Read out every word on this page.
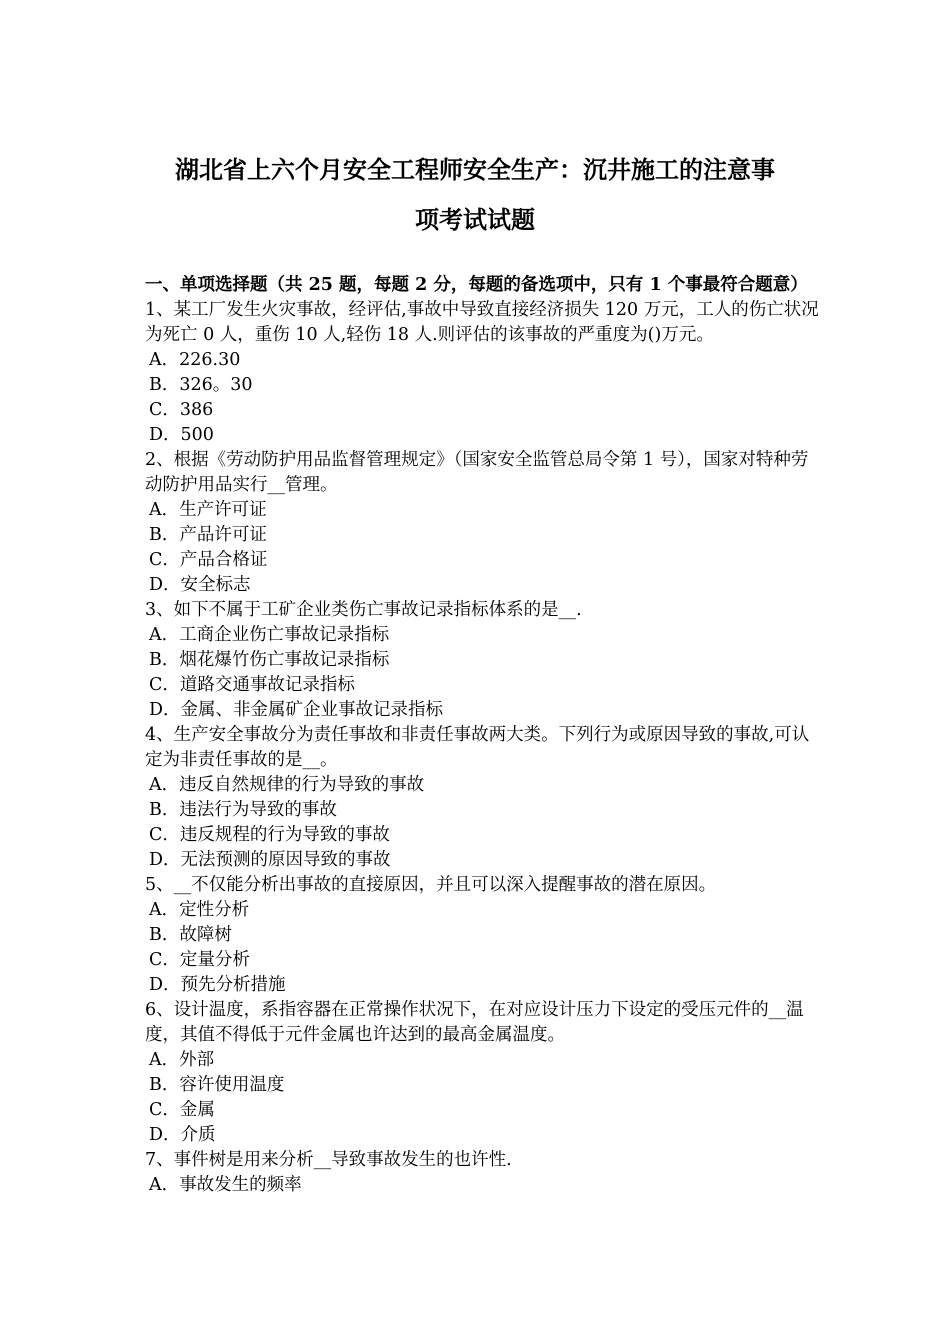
湖北省上六个月安全工程师安全生产：沉井施工的注意事
项考试试题

一、单项选择题（共 25 题，每题 2 分，每题的备选项中，只有 1 个事最符合题意）

1、某工厂发生火灾事故，经评估,事故中导致直接经济损失 120 万元，工人的伤亡状况为死亡 0 人，重伤 10 人,轻伤 18 人.则评估的该事故的严重度为()万元。

A．226.30

B．326。30

C．386

D．500

2、根据《劳动防护用品监督管理规定》（国家安全监管总局令第 1 号），国家对特种劳动防护用品实行__管理。

A．生产许可证

B．产品许可证

C．产品合格证

D．安全标志

3、如下不属于工矿企业类伤亡事故记录指标体系的是__.

A．工商企业伤亡事故记录指标

B．烟花爆竹伤亡事故记录指标

C．道路交通事故记录指标

D．金属、非金属矿企业事故记录指标

4、生产安全事故分为责任事故和非责任事故两大类。下列行为或原因导致的事故,可认定为非责任事故的是__。

A．违反自然规律的行为导致的事故

B．违法行为导致的事故

C．违反规程的行为导致的事故

D．无法预测的原因导致的事故

5、__不仅能分析出事故的直接原因，并且可以深入提醒事故的潜在原因。

A．定性分析

B．故障树

C．定量分析

D．预先分析措施

6、设计温度，系指容器在正常操作状况下，在对应设计压力下设定的受压元件的__温度，其值不得低于元件金属也许达到的最高金属温度。

A．外部

B．容许使用温度

C．金属

D．介质

7、事件树是用来分析__导致事故发生的也许性.

A．事故发生的频率
